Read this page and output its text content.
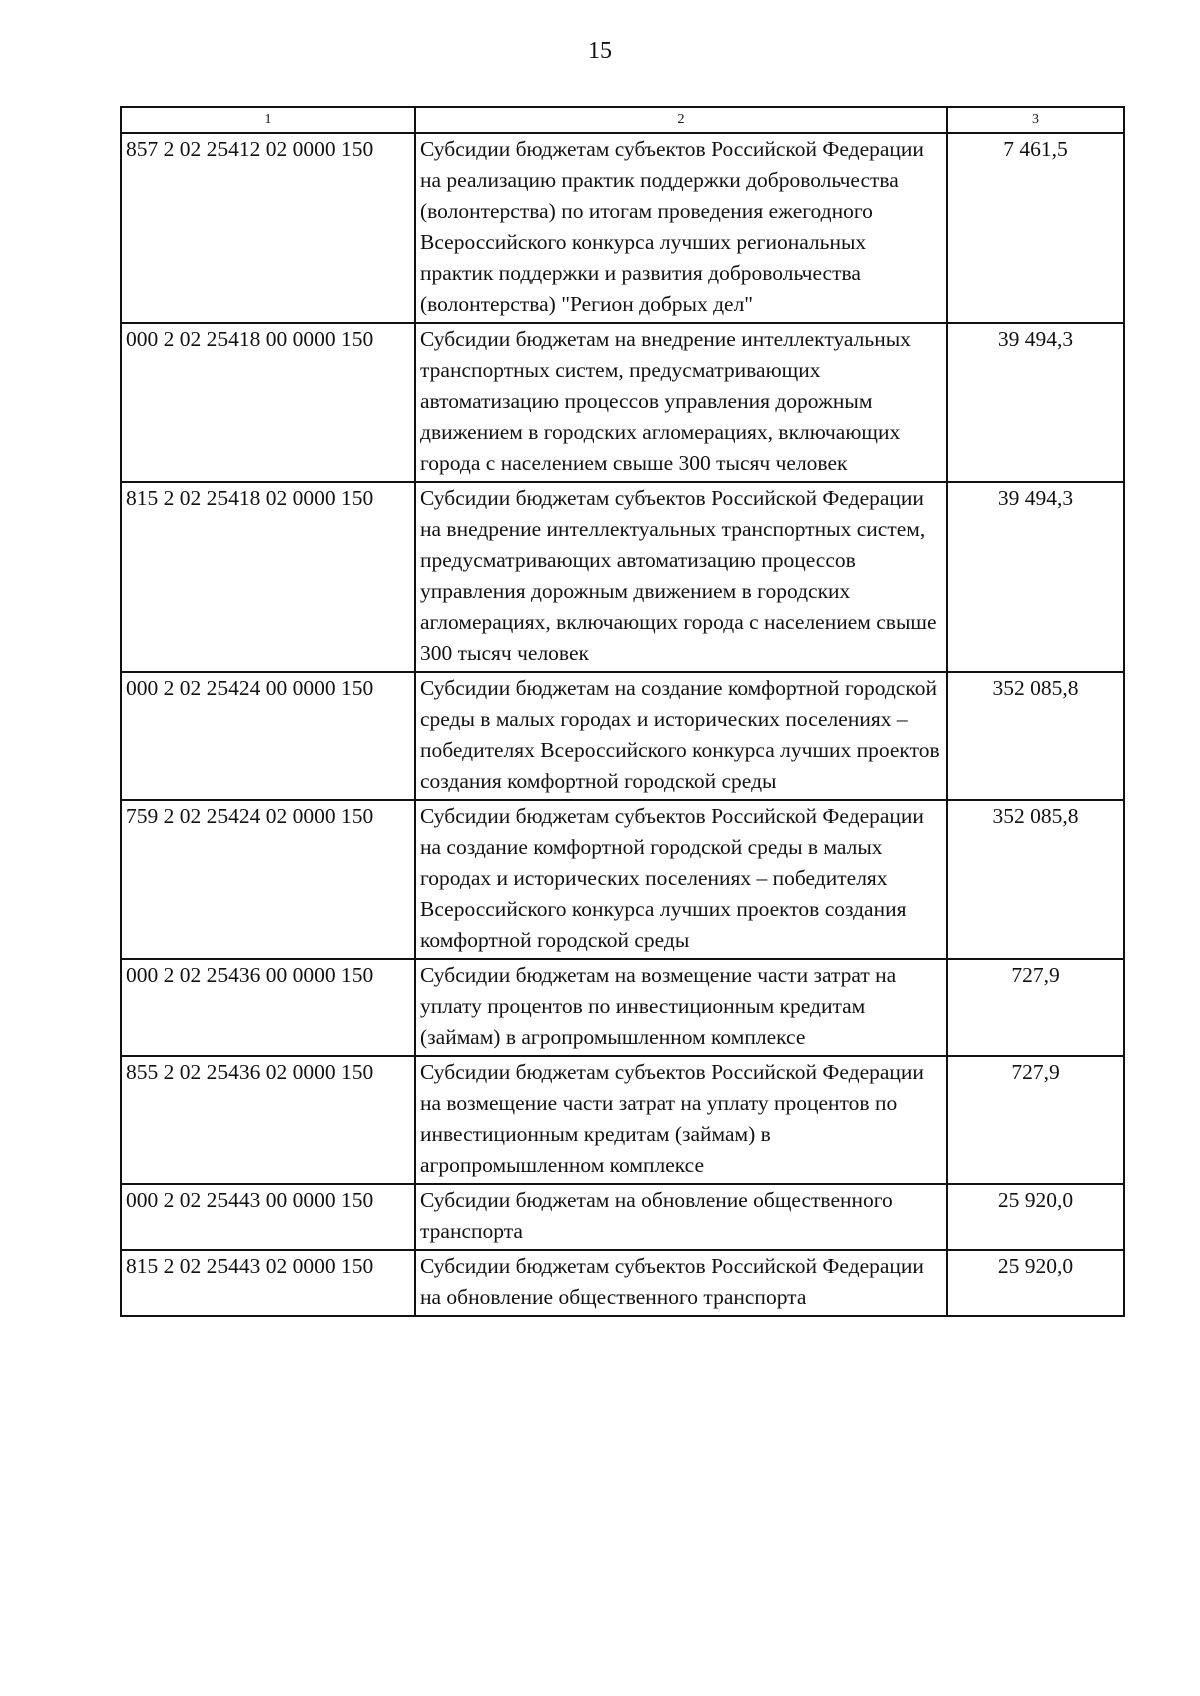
15
1	2	3
857 2 02 25412 02 0000 150	Субсидии бюджетам субъектов Российской Федерации на реализацию практик поддержки добровольчества (волонтерства) по итогам проведения ежегодного Всероссийского конкурса лучших региональных практик поддержки и развития добровольчества (волонтерства) "Регион добрых дел"	7 461,5
000 2 02 25418 00 0000 150	Субсидии бюджетам на внедрение интеллектуальных транспортных систем, предусматривающих автоматизацию процессов управления дорожным движением в городских агломерациях, включающих города с населением свыше 300 тысяч человек	39 494,3
815 2 02 25418 02 0000 150	Субсидии бюджетам субъектов Российской Федерации на внедрение интеллектуальных транспортных систем, предусматривающих автоматизацию процессов управления дорожным движением в городских агломерациях, включающих города с населением свыше 300 тысяч человек	39 494,3
000 2 02 25424 00 0000 150	Субсидии бюджетам на создание комфортной городской среды в малых городах и исторических поселениях – победителях Всероссийского конкурса лучших проектов создания комфортной городской среды	352 085,8
759 2 02 25424 02 0000 150	Субсидии бюджетам субъектов Российской Федерации на создание комфортной городской среды в малых городах и исторических поселениях – победителях Всероссийского конкурса лучших проектов создания комфортной городской среды	352 085,8
000 2 02 25436 00 0000 150	Субсидии бюджетам на возмещение части затрат на уплату процентов по инвестиционным кредитам (займам) в агропромышленном комплексе	727,9
855 2 02 25436 02 0000 150	Субсидии бюджетам субъектов Российской Федерации на возмещение части затрат на уплату процентов по инвестиционным кредитам (займам) в агропромышленном комплексе	727,9
000 2 02 25443 00 0000 150	Субсидии бюджетам на обновление общественного транспорта	25 920,0
815 2 02 25443 02 0000 150	Субсидии бюджетам субъектов Российской Федерации на обновление общественного транспорта	25 920,0
